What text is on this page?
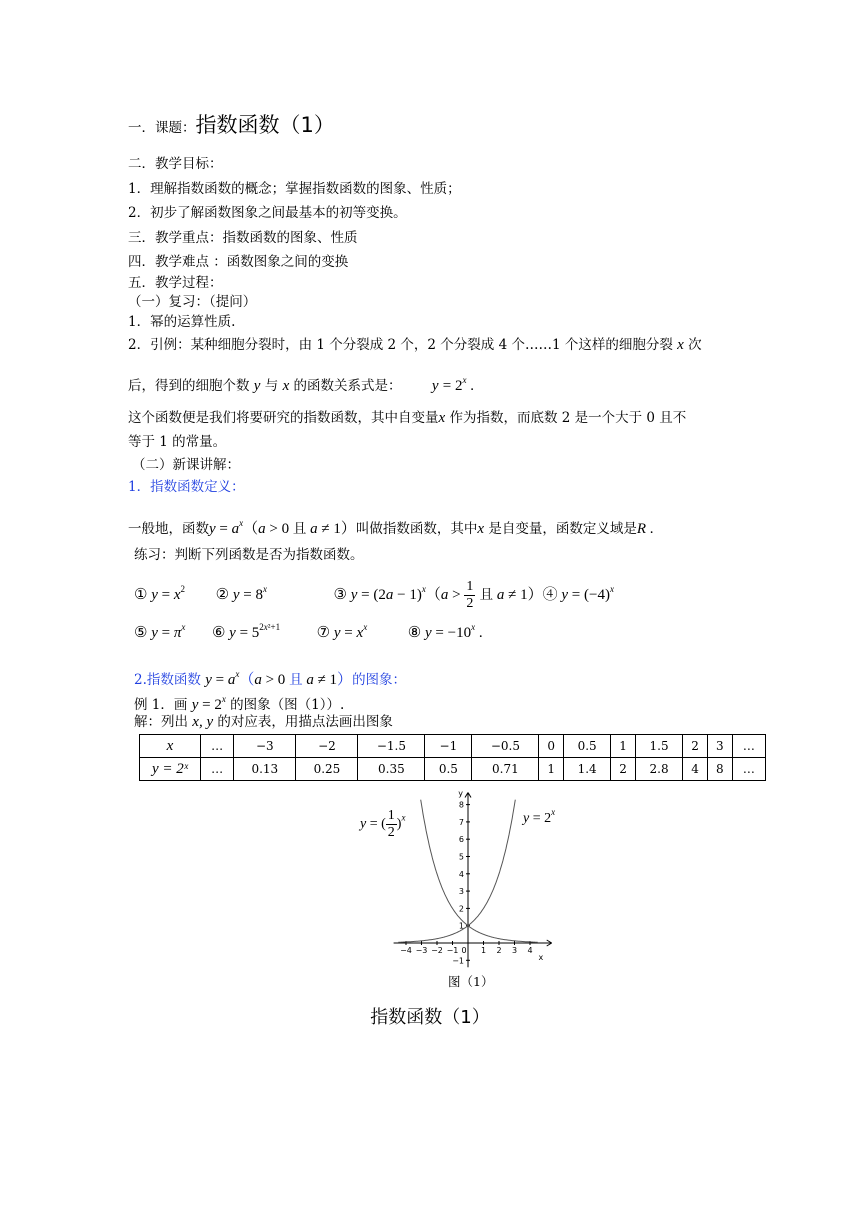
一．课题：指数函数（1）
二．教学目标：
1．理解指数函数的概念；掌握指数函数的图象、性质；
2．初步了解函数图象之间最基本的初等变换。
三．教学重点：指数函数的图象、性质
四．教学难点 ：函数图象之间的变换
五．教学过程：
（一）复习：（提问）
1．幂的运算性质.
2．引例：某种细胞分裂时，由 1 个分裂成 2 个，2 个分裂成 4 个……1 个这样的细胞分裂 x 次
后，得到的细胞个数 y 与 x 的函数关系式是： $y = 2^x$ .
这个函数便是我们将要研究的指数函数，其中自变量x 作为指数，而底数 2 是一个大于 0 且不
等于 1 的常量。
（二）新课讲解：
1．指数函数定义：
一般地，函数$y = a^x(a > 0$ 且 a ≠ 1）叫做指数函数，其中x 是自变量，函数定义域是R .
练习：判断下列函数是否为指数函数。
① $y = x^2$ ② $y = 8^x$	③ $y = (2a - 1)^x(a > \frac{1}{2}$ 且 a ≠ 1）④ $y = (-4)^x$
⑤ $y = \pi^x$ ⑥ $y = 5^{2x^2+1}$ ⑦ $y = x^x$	⑧ $y = -10^x$ .
2.指数函数 $y = a^x(a > 0$ 且 a ≠ 1）的图象：
例 1．画 $y = 2^x$ 的图象（图（1））.
解：列出 x, y 的对应表，用描点法画出图象
x	…	−3	−2	−1.5	−1	−0.5	0	0.5	1	1.5	2	3	…
y = 2ˣ	…	0.13	0.25	0.35	0.5	0.71	1	1.4	2	2.8	4	8	…
y = ( $\frac{1}{2} )^x$	$y = 2^x$
−4 −3 −2 −1 0 1 2 3 4
−1
1
2
3
4
5
6
7
8
x
y
图（1）
指数函数（1）
